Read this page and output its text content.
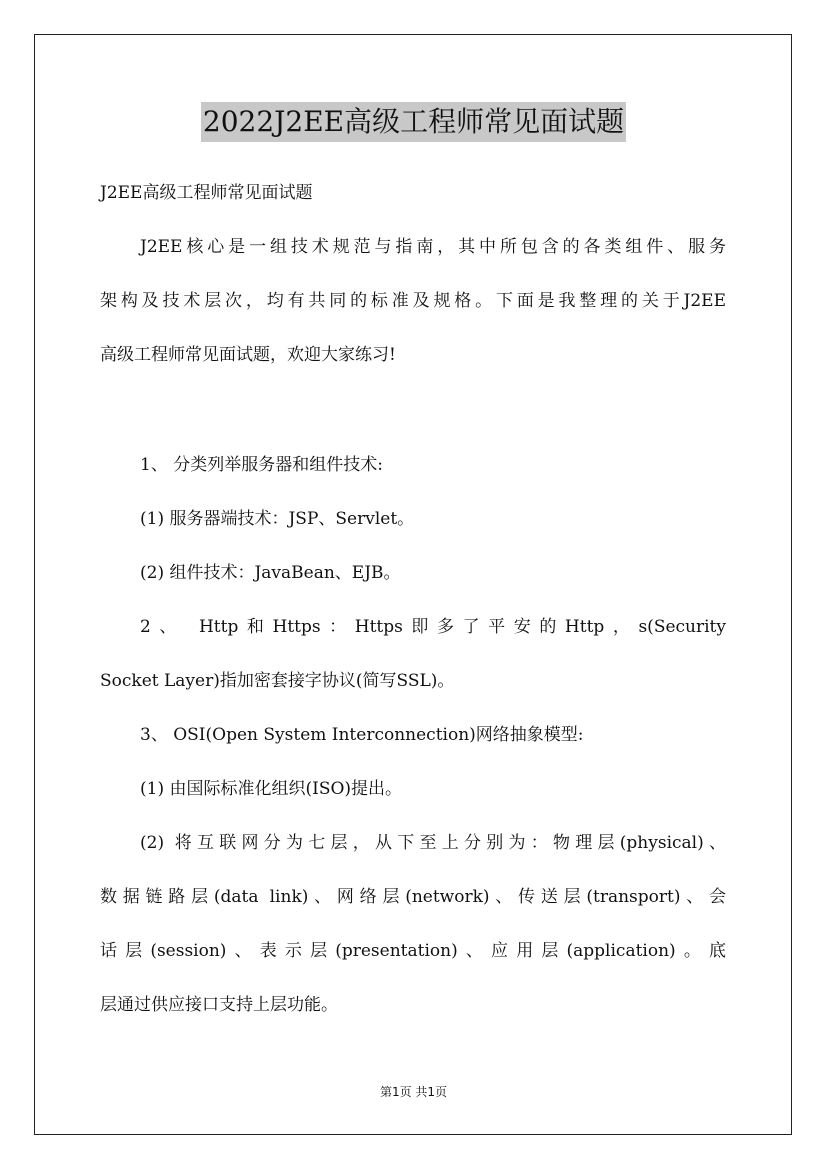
2022J2EE高级工程师常见面试题
J2EE高级工程师常见面试题
J2EE核心是一组技术规范与指南，其中所包含的各类组件、服务
架构及技术层次，均有共同的标准及规格。下面是我整理的关于J2EE
高级工程师常见面试题，欢迎大家练习!
1、 分类列举服务器和组件技术:
(1) 服务器端技术：JSP、Servlet。
(2) 组件技术：JavaBean、EJB。
2、 Http和Https：Https即多了平安的Http，s(Security
Socket Layer)指加密套接字协议(简写SSL)。
3、 OSI(Open System Interconnection)网络抽象模型:
(1) 由国际标准化组织(ISO)提出。
(2) 将互联网分为七层，从下至上分别为：物理层(physical)、
数据链路层(data link)、网络层(network)、传送层(transport)、会
话层(session)、表示层(presentation)、应用层(application)。底
层通过供应接口支持上层功能。
第1页 共1页
